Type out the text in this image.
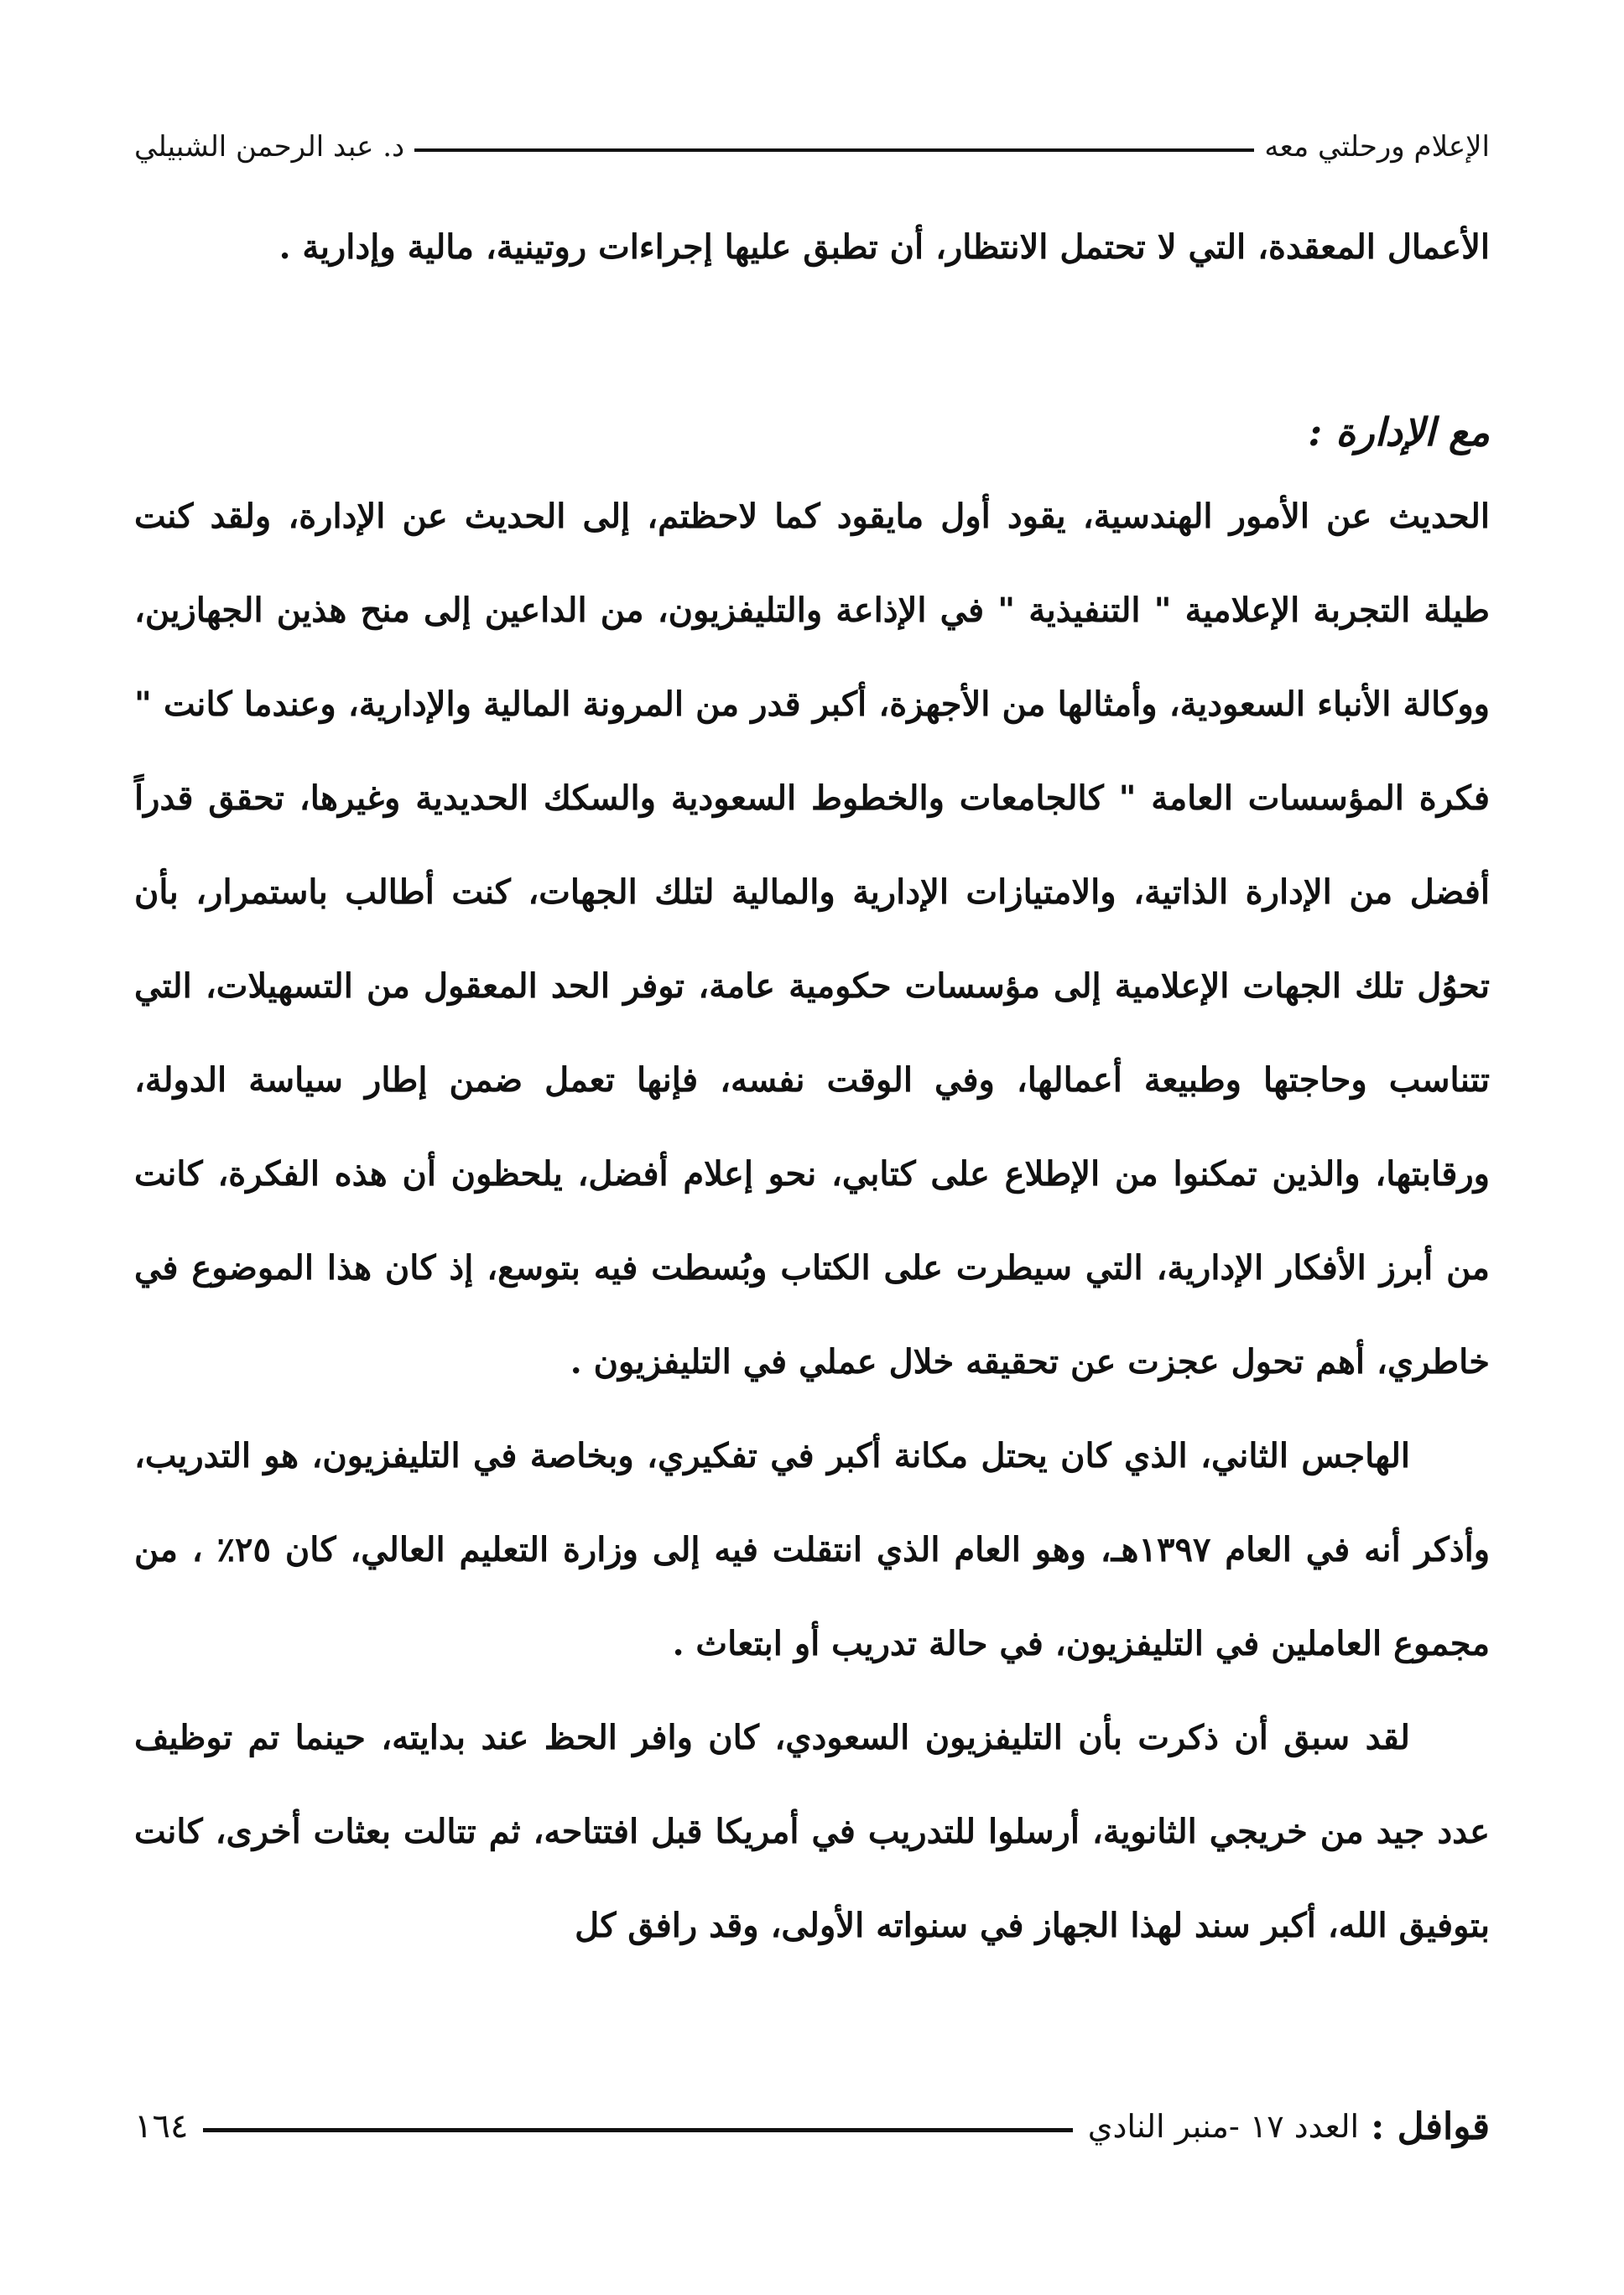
الإعلام ورحلتي معه
د. عبد الرحمن الشبيلي

الأعمال المعقدة، التي لا تحتمل الانتظار، أن تطبق عليها إجراءات روتينية، مالية وإدارية .

مع الإدارة :

الحديث عن الأمور الهندسية، يقود أول مايقود كما لاحظتم، إلى الحديث عن الإدارة، ولقد كنت طيلة التجربة الإعلامية " التنفيذية " في الإذاعة والتليفزيون، من الداعين إلى منح هذين الجهازين، ووكالة الأنباء السعودية، وأمثالها من الأجهزة، أكبر قدر من المرونة المالية والإدارية، وعندما كانت " فكرة المؤسسات العامة " كالجامعات والخطوط السعودية والسكك الحديدية وغيرها، تحقق قدراً أفضل من الإدارة الذاتية، والامتيازات الإدارية والمالية لتلك الجهات، كنت أطالب باستمرار، بأن تحوُل تلك الجهات الإعلامية إلى مؤسسات حكومية عامة، توفر الحد المعقول من التسهيلات، التي تتناسب وحاجتها وطبيعة أعمالها، وفي الوقت نفسه، فإنها تعمل ضمن إطار سياسة الدولة، ورقابتها، والذين تمكنوا من الإطلاع على كتابي، نحو إعلام أفضل، يلحظون أن هذه الفكرة، كانت من أبرز الأفكار الإدارية، التي سيطرت على الكتاب وبُسطت فيه بتوسع، إذ كان هذا الموضوع في خاطري، أهم تحول عجزت عن تحقيقه خلال عملي في التليفزيون .

الهاجس الثاني، الذي كان يحتل مكانة أكبر في تفكيري، وبخاصة في التليفزيون، هو التدريب، وأذكر أنه في العام ١٣٩٧هـ، وهو العام الذي انتقلت فيه إلى وزارة التعليم العالي، كان ٢٥٪ ، من مجموع العاملين في التليفزيون، في حالة تدريب أو ابتعاث .

لقد سبق أن ذكرت بأن التليفزيون السعودي، كان وافر الحظ عند بدايته، حينما تم توظيف عدد جيد من خريجي الثانوية، أرسلوا للتدريب في أمريكا قبل افتتاحه، ثم تتالت بعثات أخرى، كانت بتوفيق الله، أكبر سند لهذا الجهاز في سنواته الأولى، وقد رافق كل

قوافل :
العدد ١٧ -منبر النادي
١٦٤
